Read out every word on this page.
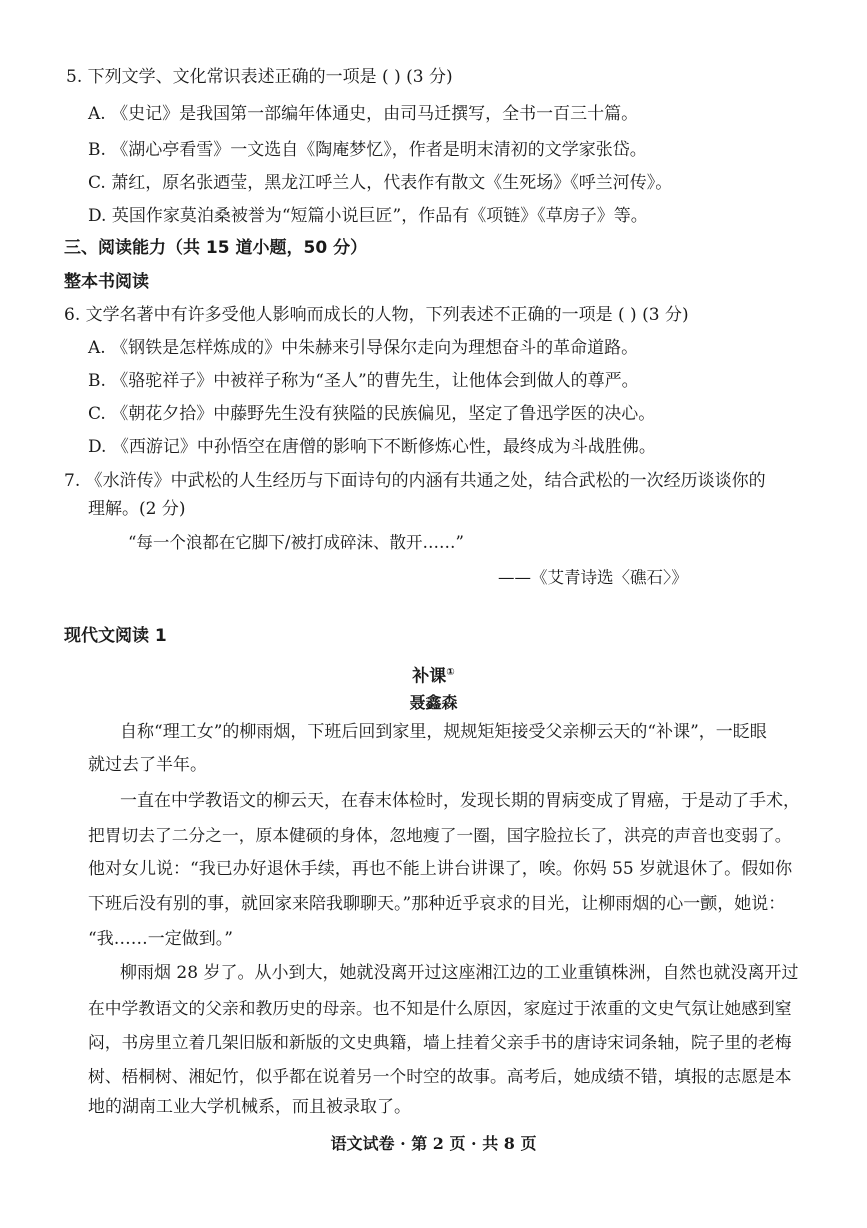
5. 下列文学、文化常识表述正确的一项是 ( ) (3 分)
A. 《史记》是我国第一部编年体通史，由司马迁撰写，全书一百三十篇。
B. 《湖心亭看雪》一文选自《陶庵梦忆》，作者是明末清初的文学家张岱。
C. 萧红，原名张迺莹，黑龙江呼兰人，代表作有散文《生死场》《呼兰河传》。
D. 英国作家莫泊桑被誉为“短篇小说巨匠”，作品有《项链》《草房子》等。
三、阅读能力（共 15 道小题，50 分）
整本书阅读
6. 文学名著中有许多受他人影响而成长的人物，下列表述不正确的一项是 ( ) (3 分)
A. 《钢铁是怎样炼成的》中朱赫来引导保尔走向为理想奋斗的革命道路。
B. 《骆驼祥子》中被祥子称为“圣人”的曹先生，让他体会到做人的尊严。
C. 《朝花夕拾》中藤野先生没有狭隘的民族偏见，坚定了鲁迅学医的决心。
D. 《西游记》中孙悟空在唐僧的影响下不断修炼心性，最终成为斗战胜佛。
7. 《水浒传》中武松的人生经历与下面诗句的内涵有共通之处，结合武松的一次经历谈谈你的
理解。(2 分)
“每一个浪都在它脚下/被打成碎沫、散开……”
——《艾青诗选〈礁石〉》
现代文阅读 1
补课①
聂鑫森
自称“理工女”的柳雨烟，下班后回到家里，规规矩矩接受父亲柳云天的“补课”，一眨眼
就过去了半年。
一直在中学教语文的柳云天，在春末体检时，发现长期的胃病变成了胃癌，于是动了手术，
把胃切去了二分之一，原本健硕的身体，忽地瘦了一圈，国字脸拉长了，洪亮的声音也变弱了。
他对女儿说：“我已办好退休手续，再也不能上讲台讲课了，唉。你妈 55 岁就退休了。假如你
下班后没有别的事，就回家来陪我聊聊天。”那种近乎哀求的目光，让柳雨烟的心一颤，她说：
“我……一定做到。”
柳雨烟 28 岁了。从小到大，她就没离开过这座湘江边的工业重镇株洲，自然也就没离开过
在中学教语文的父亲和教历史的母亲。也不知是什么原因，家庭过于浓重的文史气氛让她感到窒
闷，书房里立着几架旧版和新版的文史典籍，墙上挂着父亲手书的唐诗宋词条轴，院子里的老梅
树、梧桐树、湘妃竹，似乎都在说着另一个时空的故事。高考后，她成绩不错，填报的志愿是本
地的湖南工业大学机械系，而且被录取了。
语文试卷 · 第 2 页 · 共 8 页
